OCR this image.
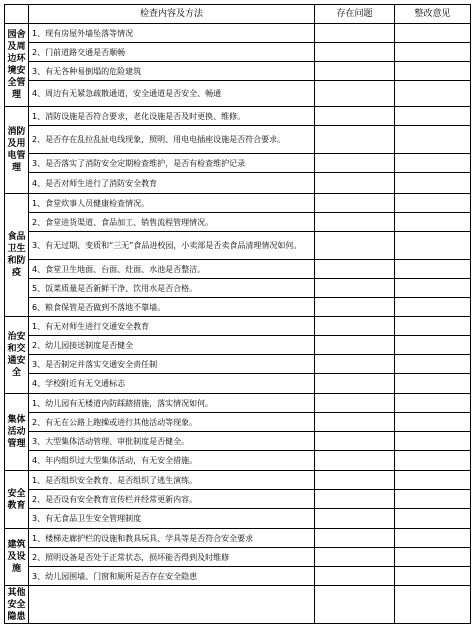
	检查内容及方法	存在问题	整改意见
园舍及周边环境安全管理	1、现有房屋外墙坠落等情况		
	2、门前道路交通是否顺畅		
	3、有无各种易倒塌的危险建筑		
	4、周边有无紧急疏散通道，安全通道是否安全、畅通		
消防及用电管理	1、消防设施是否符合要求，老化设施是否及时更换、维修。		
	2、是否存在乱拉乱扯电线现象，照明、用电电插座设施是否符合要求。		
	3、是否落实了消防安全定期检查维护，是否有检查维护记录		
	4、是否对师生进行了消防安全教育		
食品卫生和防疫	1、食堂炊事人员健康检查情况。		
	2、食堂进货渠道、食品加工、销售流程管理情况。		
	3、有无过期、变质和“三无”食品进校园，小卖部是否卖食品清理情况如何。		
	4、食堂卫生地面、台面、灶面、水池是否整洁。		
	5、饭菜质量是否新鲜干净、饮用水是否合格。		
	6、粮食保管是否做到不落地不靠墙。		
治安和交通安全	1、有无对师生进行交通安全教育		
	2、幼儿园接送制度是否健全		
	3、是否制定并落实交通安全责任制		
	4、学校附近有无交通标志		
集体活动管理	1、幼儿园有无楼道内防踩踏措施，落实情况如何。		
	2、有无在公路上跑操或进行其他活动等现象。		
	3、大型集体活动管理、审批制度是否健全。		
	4、年内组织过大型集体活动，有无安全措施。		
安全教育	1、是否组织安全教育、是否组织了逃生演练。		
	2、是否设有安全教育宣传栏并经常更新内容。		
	3、有无食品卫生安全管理制度		
建筑及设施	1、楼梯走廊护栏的设施和教具玩具、学具等是否符合安全要求		
	2、照明设备是否处于正常状态，损坏能否得到及时维修		
	3、幼儿园围墙、门窗和厕所是否存在安全隐患		
其他安全隐患			
